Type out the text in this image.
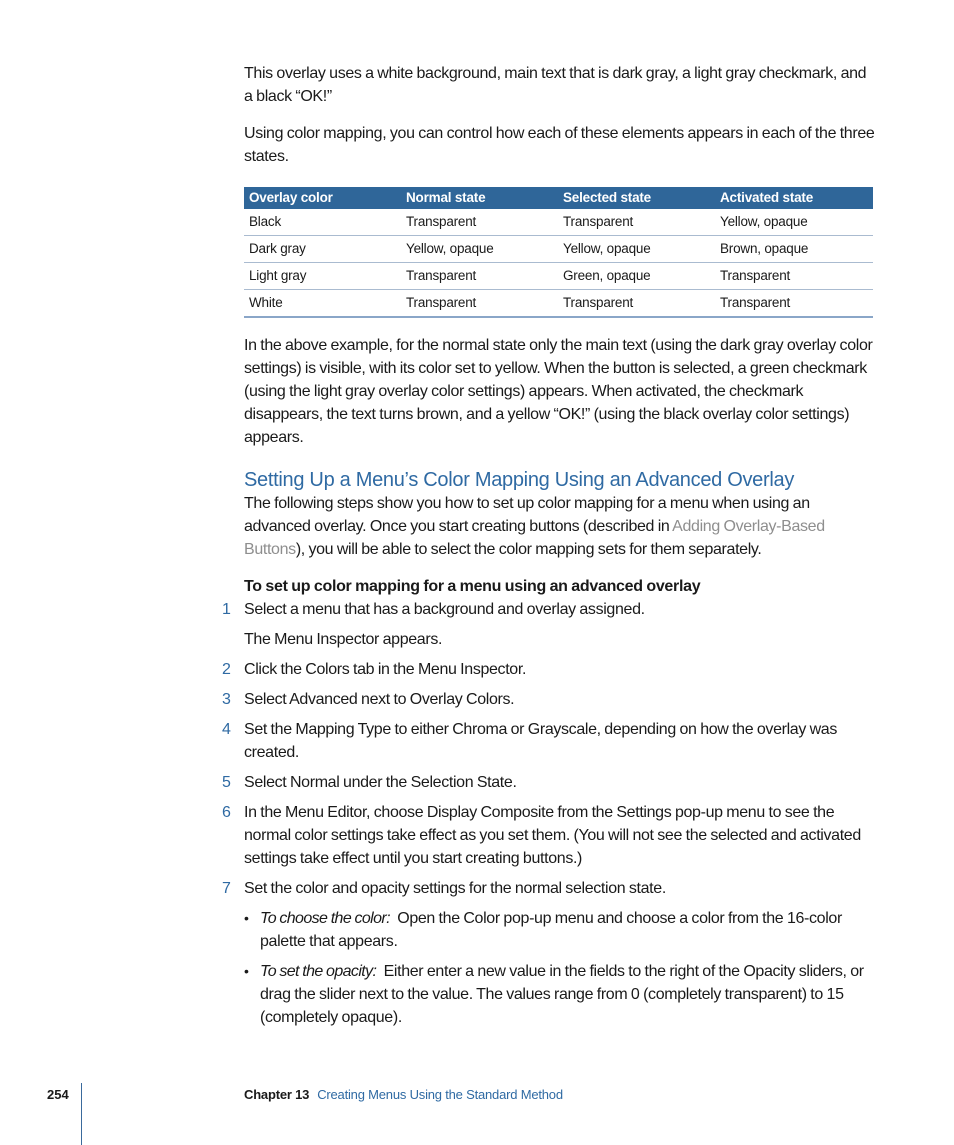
This overlay uses a white background, main text that is dark gray, a light gray checkmark, and a black “OK!”

Using color mapping, you can control how each of these elements appears in each of the three states.

Overlay color	Normal state	Selected state	Activated state
Black	Transparent	Transparent	Yellow, opaque
Dark gray	Yellow, opaque	Yellow, opaque	Brown, opaque
Light gray	Transparent	Green, opaque	Transparent
White	Transparent	Transparent	Transparent

In the above example, for the normal state only the main text (using the dark gray overlay color settings) is visible, with its color set to yellow. When the button is selected, a green checkmark (using the light gray overlay color settings) appears. When activated, the checkmark disappears, the text turns brown, and a yellow “OK!” (using the black overlay color settings) appears.

Setting Up a Menu’s Color Mapping Using an Advanced Overlay

The following steps show you how to set up color mapping for a menu when using an advanced overlay. Once you start creating buttons (described in Adding Overlay-Based Buttons), you will be able to select the color mapping sets for them separately.

To set up color mapping for a menu using an advanced overlay
1 Select a menu that has a background and overlay assigned.
The Menu Inspector appears.
2 Click the Colors tab in the Menu Inspector.
3 Select Advanced next to Overlay Colors.
4 Set the Mapping Type to either Chroma or Grayscale, depending on how the overlay was created.
5 Select Normal under the Selection State.
6 In the Menu Editor, choose Display Composite from the Settings pop-up menu to see the normal color settings take effect as you set them. (You will not see the selected and activated settings take effect until you start creating buttons.)
7 Set the color and opacity settings for the normal selection state.
• To choose the color: Open the Color pop-up menu and choose a color from the 16-color palette that appears.
• To set the opacity: Either enter a new value in the fields to the right of the Opacity sliders, or drag the slider next to the value. The values range from 0 (completely transparent) to 15 (completely opaque).
254	Chapter 13 Creating Menus Using the Standard Method
